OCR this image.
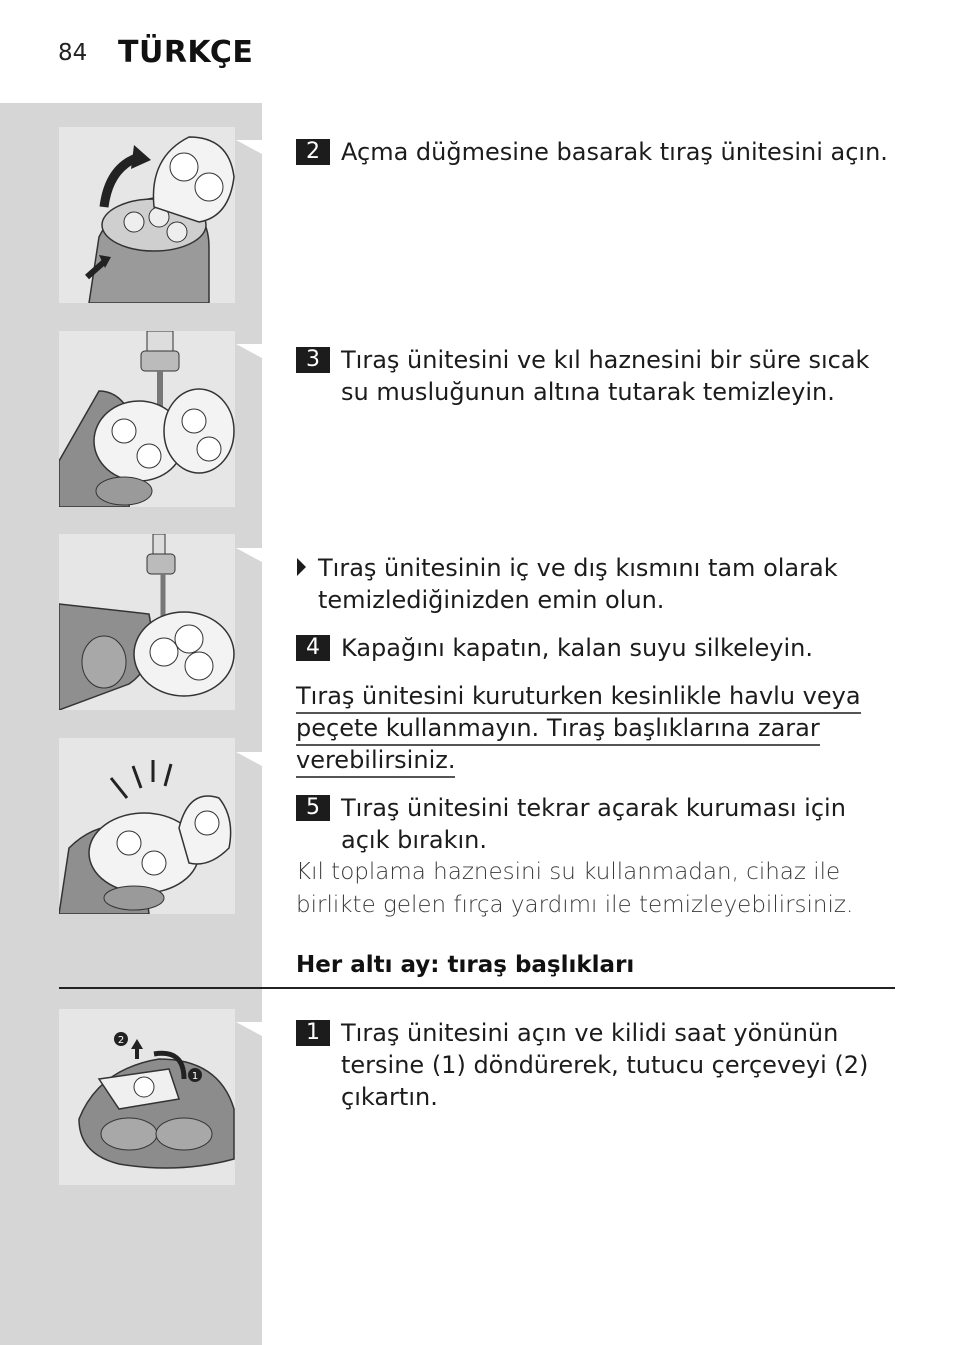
84 TÜRKÇE
2
1
2 Açma düğmesine basarak tıraş ünitesini açın.
3 Tıraş ünitesini ve kıl haznesini bir süre sıcak su musluğunun altına tutarak temizleyin.
Tıraş ünitesinin iç ve dış kısmını tam olarak temizlediğinizden emin olun.
4 Kapağını kapatın, kalan suyu silkeleyin.
Tıraş ünitesini kuruturken kesinlikle havlu veya
peçete kullanmayın. Tıraş başlıklarına zarar
verebilirsiniz.
5 Tıraş ünitesini tekrar açarak kuruması için açık bırakın.
Kıl toplama haznesini su kullanmadan, cihaz ile birlikte gelen fırça yardımı ile temizleyebilirsiniz.
Her altı ay: tıraş başlıkları
1 Tıraş ünitesini açın ve kilidi saat yönünün tersine (1) döndürerek, tutucu çerçeveyi (2) çıkartın.
